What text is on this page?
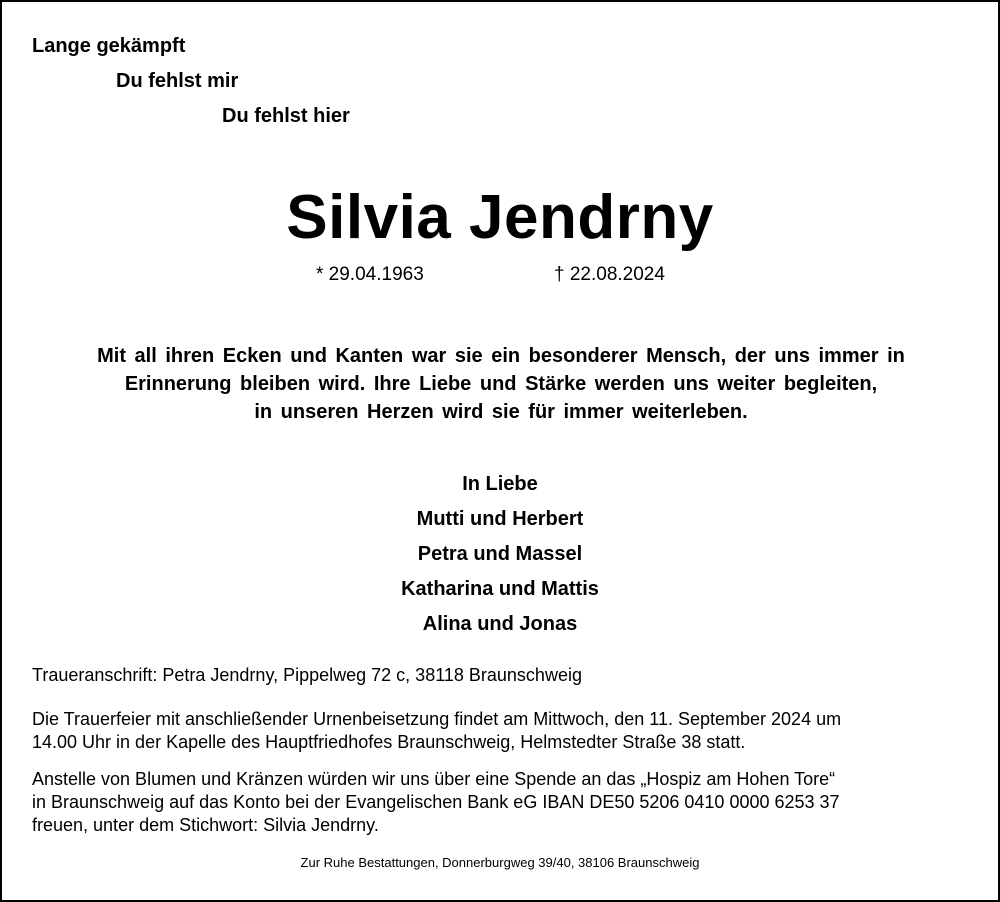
Lange gekämpft
Du fehlst mir
Du fehlst hier
Silvia Jendrny
* 29.04.1963	† 22.08.2024
Mit all ihren Ecken und Kanten war sie ein besonderer Mensch, der uns immer in
Erinnerung bleiben wird. Ihre Liebe und Stärke werden uns weiter begleiten,
in unseren Herzen wird sie für immer weiterleben.
In Liebe
Mutti und Herbert
Petra und Massel
Katharina und Mattis
Alina und Jonas
Traueranschrift: Petra Jendrny, Pippelweg 72 c, 38118 Braunschweig
Die Trauerfeier mit anschließender Urnenbeisetzung findet am Mittwoch, den 11. September 2024 um
14.00 Uhr in der Kapelle des Hauptfriedhofes Braunschweig, Helmstedter Straße 38 statt.
Anstelle von Blumen und Kränzen würden wir uns über eine Spende an das „Hospiz am Hohen Tore“
in Braunschweig auf das Konto bei der Evangelischen Bank eG IBAN DE50 5206 0410 0000 6253 37
freuen, unter dem Stichwort: Silvia Jendrny.
Zur Ruhe Bestattungen, Donnerburgweg 39/40, 38106 Braunschweig
